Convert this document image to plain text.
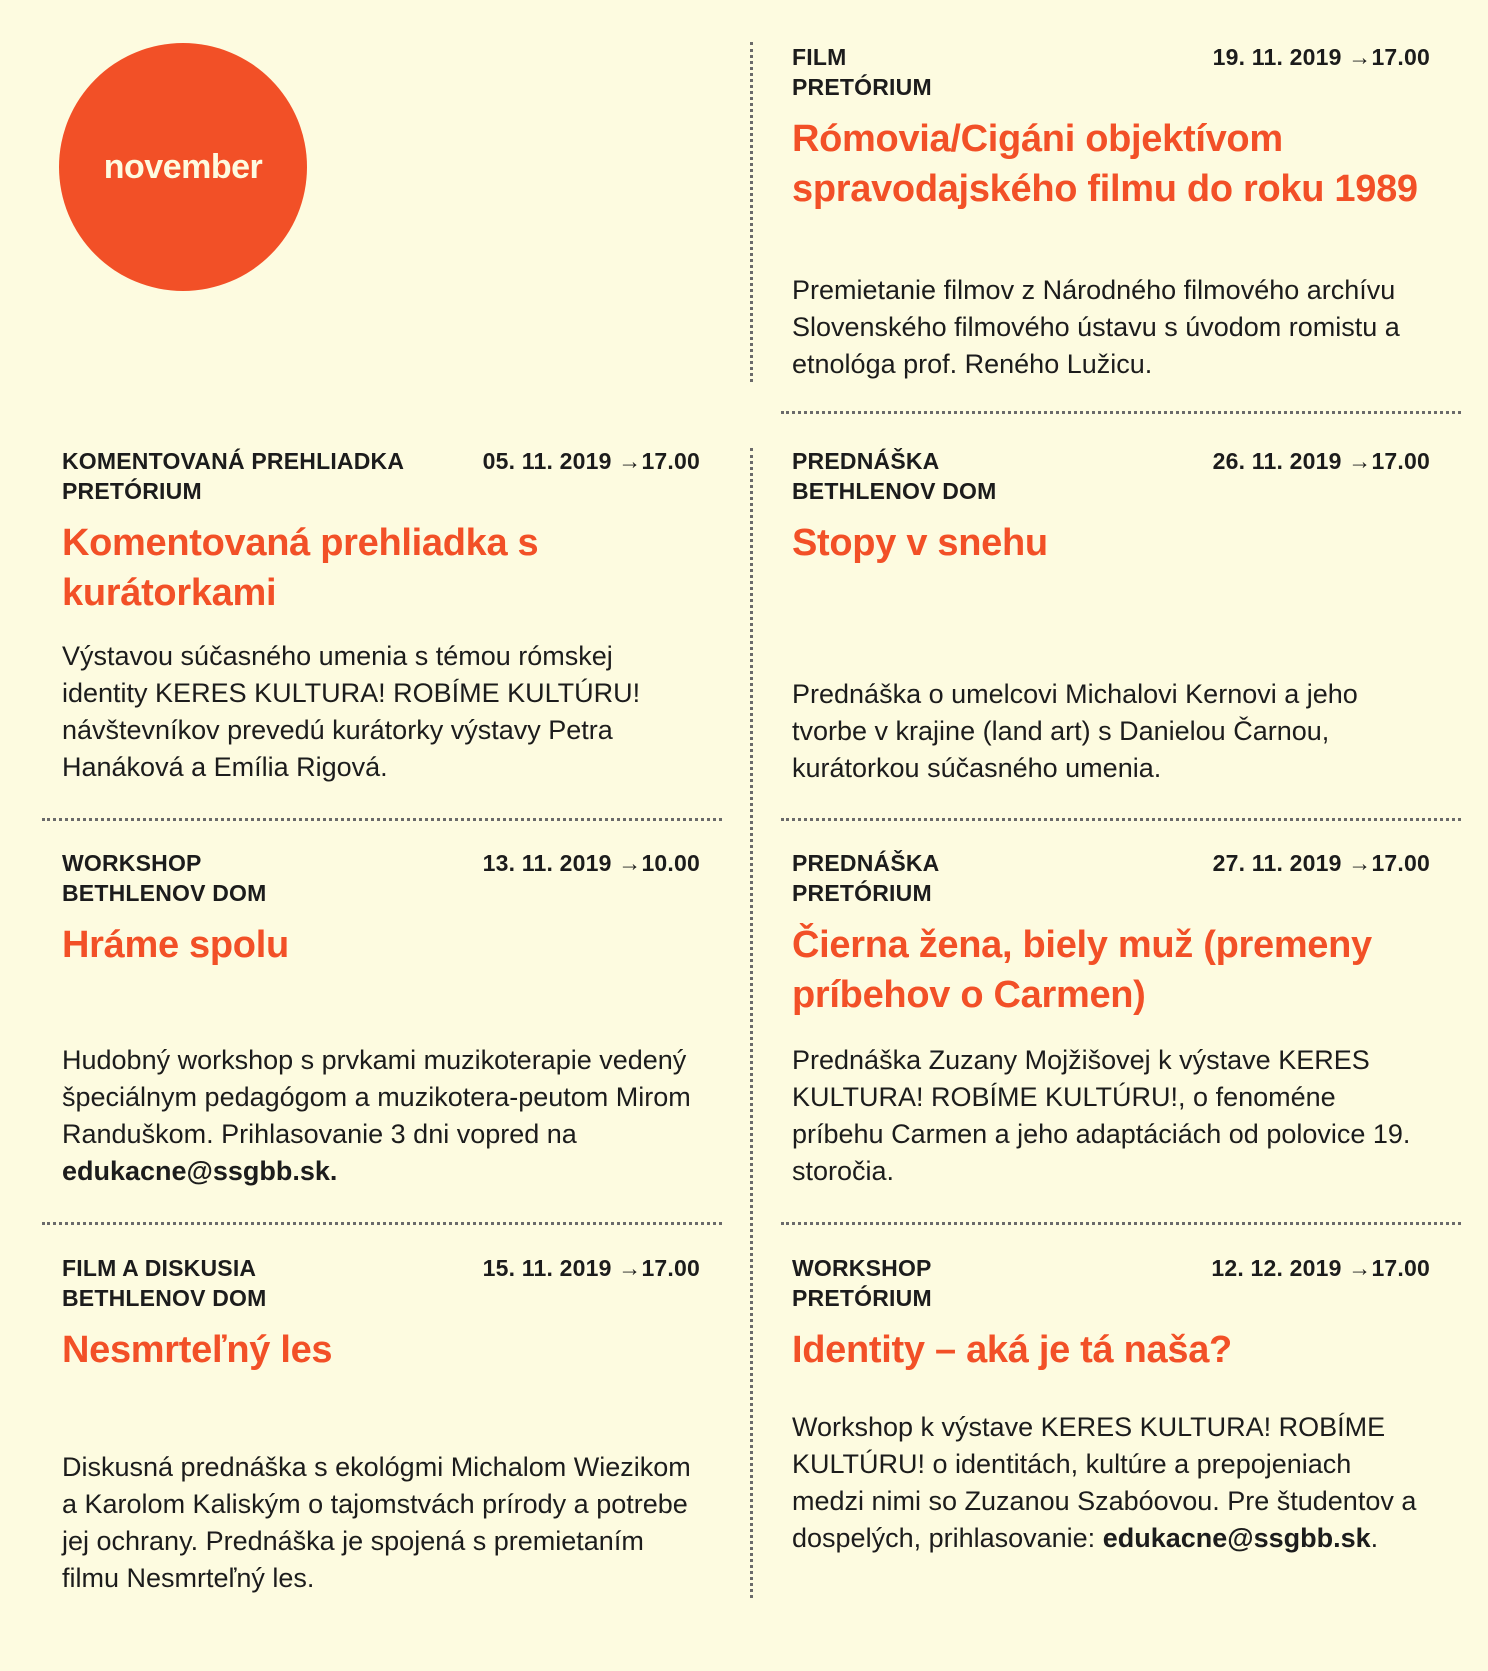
november
FILM
PRETÓRIUM
19. 11. 2019 →17.00
Rómovia/Cigáni objektívom spravodajského filmu do roku 1989
Premietanie filmov z Národného filmového archívu Slovenského filmového ústavu s úvodom romistu a etnológa prof. Reného Lužicu.
KOMENTOVANÁ PREHLIADKA
PRETÓRIUM
05. 11. 2019 →17.00
Komentovaná prehliadka s kurátorkami
Výstavou súčasného umenia s témou rómskej identity KERES KULTURA! ROBÍME KULTÚRU! návštevníkov prevedú kurátorky výstavy Petra Hanáková a Emília Rigová.
PREDNÁŠKA
BETHLENOV DOM
26. 11. 2019 →17.00
Stopy v snehu
Prednáška o umelcovi Michalovi Kernovi a jeho tvorbe v krajine (land art) s Danielou Čarnou, kurátorkou súčasného umenia.
WORKSHOP
BETHLENOV DOM
13. 11. 2019 →10.00
Hráme spolu
Hudobný workshop s prvkami muzikoterapie vedený špeciálnym pedagógom a muzikotera-peutom Mirom Randuškom. Prihlasovanie 3 dni vopred na edukacne@ssgbb.sk.
PREDNÁŠKA
PRETÓRIUM
27. 11. 2019 →17.00
Čierna žena, biely muž (premeny príbehov o Carmen)
Prednáška Zuzany Mojžišovej k výstave KERES KULTURA! ROBÍME KULTÚRU!, o fenoméne príbehu Carmen a jeho adaptáciách od polovice 19. storočia.
FILM A DISKUSIA
BETHLENOV DOM
15. 11. 2019 →17.00
Nesmrteľný les
Diskusná prednáška s ekológmi Michalom Wiezikom a Karolom Kaliským o tajomstvách prírody a potrebe jej ochrany. Prednáška je spojená s premietaním filmu Nesmrteľný les.
WORKSHOP
PRETÓRIUM
12. 12. 2019 →17.00
Identity – aká je tá naša?
Workshop k výstave KERES KULTURA! ROBÍME KULTÚRU! o identitách, kultúre a prepojeniach medzi nimi so Zuzanou Szabóovou. Pre študentov a dospelých, prihlasovanie: edukacne@ssgbb.sk.
